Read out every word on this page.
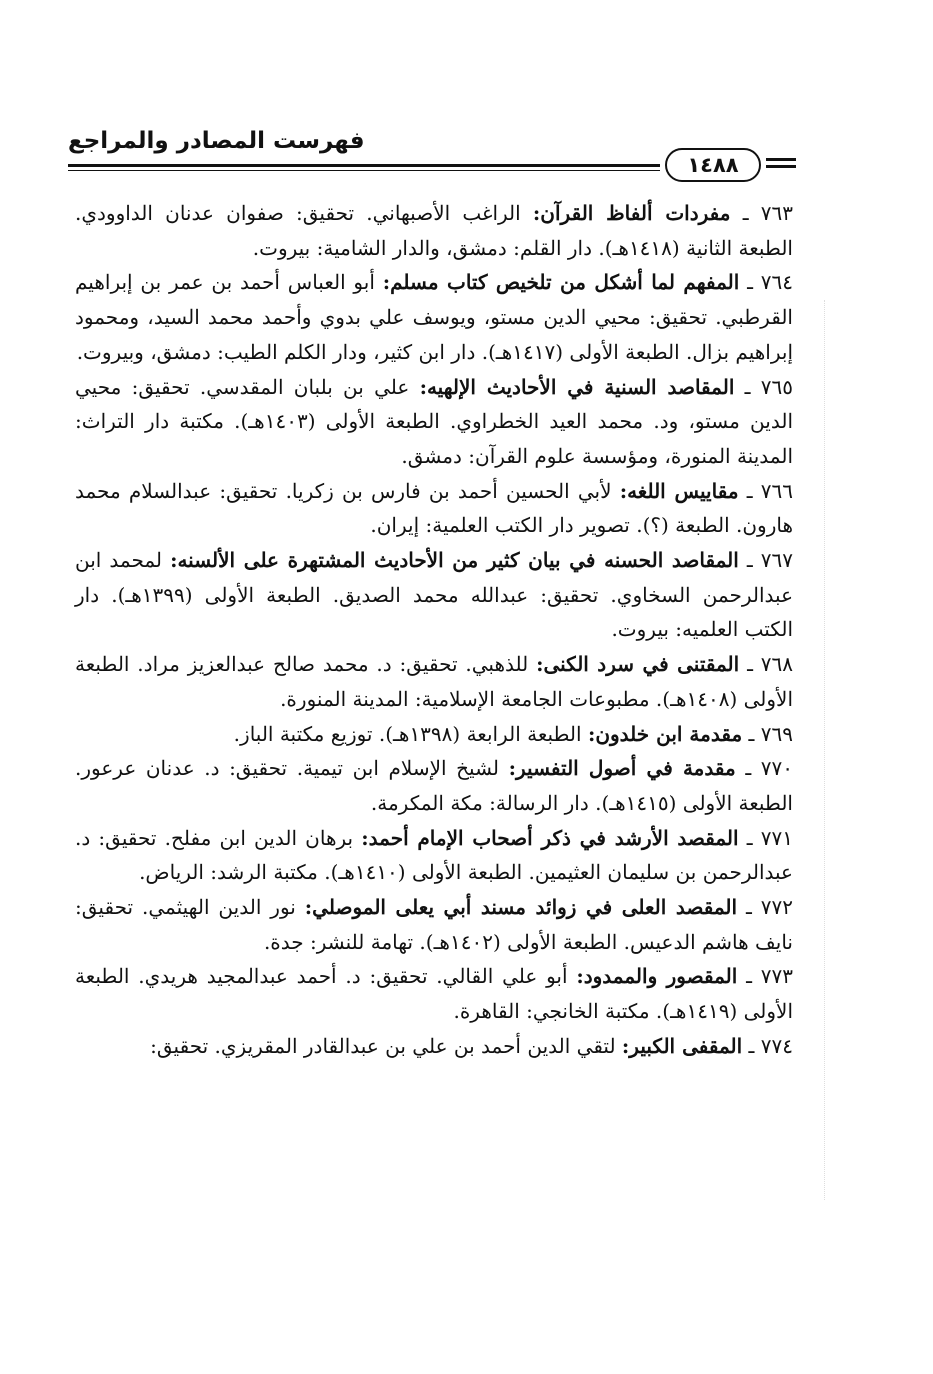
فهرست المصادر والمراجع
١٤٨٨

٧٦٣ ـ مفردات ألفاظ القرآن: الراغب الأصبهاني. تحقيق: صفوان عدنان الداوودي. الطبعة الثانية (١٤١٨هـ). دار القلم: دمشق، والدار الشامية: بيروت.

٧٦٤ ـ المفهم لما أشكل من تلخيص كتاب مسلم: أبو العباس أحمد بن عمر بن إبراهيم القرطبي. تحقيق: محيي الدين مستو، ويوسف علي بدوي وأحمد محمد السيد، ومحمود إبراهيم بزال. الطبعة الأولى (١٤١٧هـ). دار ابن كثير، ودار الكلم الطيب: دمشق، وبيروت.

٧٦٥ ـ المقاصد السنية في الأحاديث الإلهيه: علي بن بلبان المقدسي. تحقيق: محيي الدين مستو، ود. محمد العيد الخطراوي. الطبعة الأولى (١٤٠٣هـ). مكتبة دار التراث: المدينة المنورة، ومؤسسة علوم القرآن: دمشق.

٧٦٦ ـ مقاييس اللغه: لأبي الحسين أحمد بن فارس بن زكريا. تحقيق: عبدالسلام محمد هارون. الطبعة (؟). تصوير دار الكتب العلمية: إيران.

٧٦٧ ـ المقاصد الحسنه في بيان كثير من الأحاديث المشتهرة على الألسنه: لمحمد ابن عبدالرحمن السخاوي. تحقيق: عبدالله محمد الصديق. الطبعة الأولى (١٣٩٩هـ). دار الكتب العلميه: بيروت.

٧٦٨ ـ المقتنى في سرد الكنى: للذهبي. تحقيق: د. محمد صالح عبدالعزيز مراد. الطبعة الأولى (١٤٠٨هـ). مطبوعات الجامعة الإسلامية: المدينة المنورة.

٧٦٩ ـ مقدمة ابن خلدون: الطبعة الرابعة (١٣٩٨هـ). توزيع مكتبة الباز.

٧٧٠ ـ مقدمة في أصول التفسير: لشيخ الإسلام ابن تيمية. تحقيق: د. عدنان عرعور. الطبعة الأولى (١٤١٥هـ). دار الرسالة: مكة المكرمة.

٧٧١ ـ المقصد الأرشد في ذكر أصحاب الإمام أحمد: برهان الدين ابن مفلح. تحقيق: د. عبدالرحمن بن سليمان العثيمين. الطبعة الأولى (١٤١٠هـ). مكتبة الرشد: الرياض.

٧٧٢ ـ المقصد العلى في زوائد مسند أبي يعلى الموصلي: نور الدين الهيثمي. تحقيق: نايف هاشم الدعيس. الطبعة الأولى (١٤٠٢هـ). تهامة للنشر: جدة.

٧٧٣ ـ المقصور والممدود: أبو علي القالي. تحقيق: د. أحمد عبدالمجيد هريدي. الطبعة الأولى (١٤١٩هـ). مكتبة الخانجي: القاهرة.

٧٧٤ ـ المقفى الكبير: لتقي الدين أحمد بن علي بن عبدالقادر المقريزي. تحقيق:
